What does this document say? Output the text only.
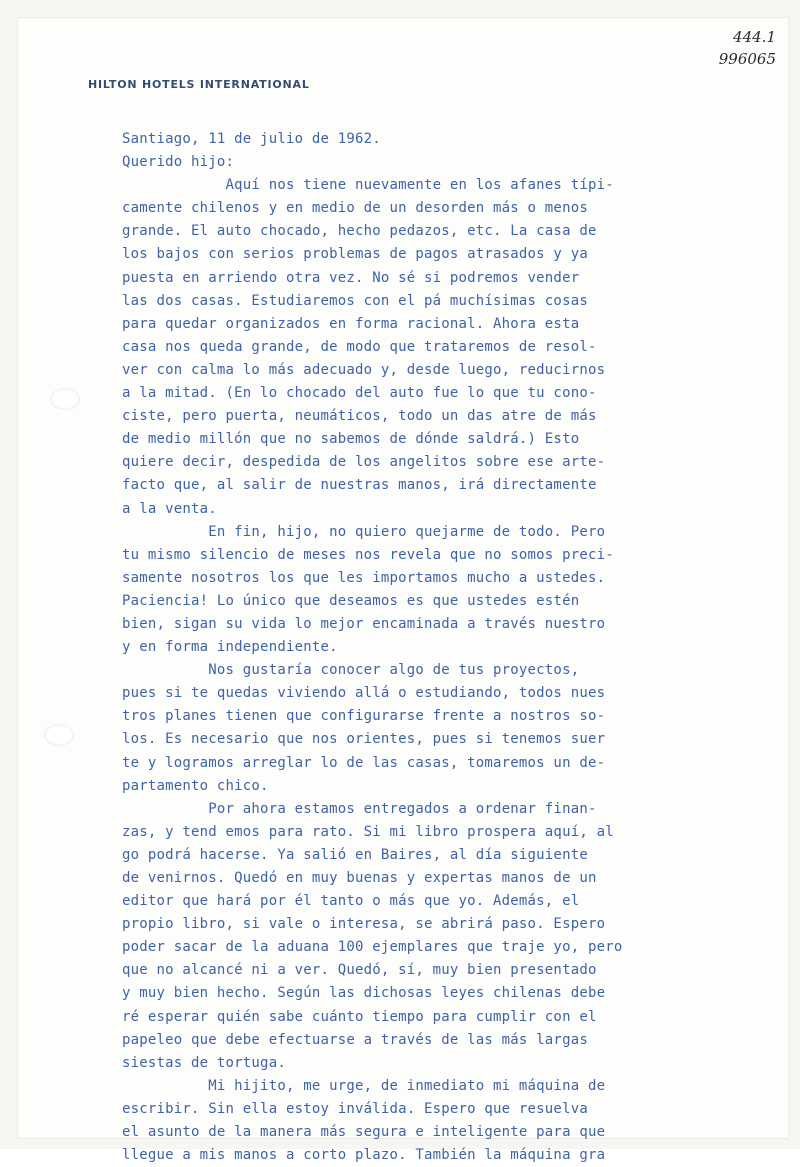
HILTON HOTELS INTERNATIONAL
444.1
996065
Santiago, 11 de julio de 1962.
Querido hijo:
Aquí nos tiene nuevamente en los afanes típi-
camente chilenos y en medio de un desorden más o menos
grande. El auto chocado, hecho pedazos, etc. La casa de
los bajos con serios problemas de pagos atrasados y ya
puesta en arriendo otra vez. No sé si podremos vender
las dos casas. Estudiaremos con el pá muchísimas cosas
para quedar organizados en forma racional. Ahora esta
casa nos queda grande, de modo que trataremos de resol-
ver con calma lo más adecuado y, desde luego, reducirnos
a la mitad. (En lo chocado del auto fue lo que tu cono-
ciste, pero puerta, neumáticos, todo un das atre de más
de medio millón que no sabemos de dónde saldrá.) Esto
quiere decir, despedida de los angelitos sobre ese arte-
facto que, al salir de nuestras manos, irá directamente
a la venta.
En fin, hijo, no quiero quejarme de todo. Pero
tu mismo silencio de meses nos revela que no somos preci-
samente nosotros los que les importamos mucho a ustedes.
Paciencia! Lo único que deseamos es que ustedes estén
bien, sigan su vida lo mejor encaminada a través nuestro
y en forma independiente.
Nos gustaría conocer algo de tus proyectos,
pues si te quedas viviendo allá o estudiando, todos nues
tros planes tienen que configurarse frente a nostros so-
los. Es necesario que nos orientes, pues si tenemos suer
te y logramos arreglar lo de las casas, tomaremos un de-
partamento chico.
Por ahora estamos entregados a ordenar finan-
zas, y tend emos para rato. Si mi libro prospera aquí, al
go podrá hacerse. Ya salió en Baires, al día siguiente
de venirnos. Quedó en muy buenas y expertas manos de un
editor que hará por él tanto o más que yo. Además, el
propio libro, si vale o interesa, se abrirá paso. Espero
poder sacar de la aduana 100 ejemplares que traje yo, pero
que no alcancé ni a ver. Quedó, sí, muy bien presentado
y muy bien hecho. Según las dichosas leyes chilenas debe
ré esperar quién sabe cuánto tiempo para cumplir con el
papeleo que debe efectuarse a través de las más largas
siestas de tortuga.
Mi hijito, me urge, de inmediato mi máquina de
escribir. Sin ella estoy inválida. Espero que resuelva
el asunto de la manera más segura e inteligente para que
llegue a mis manos a corto plazo. También la máquina gra
